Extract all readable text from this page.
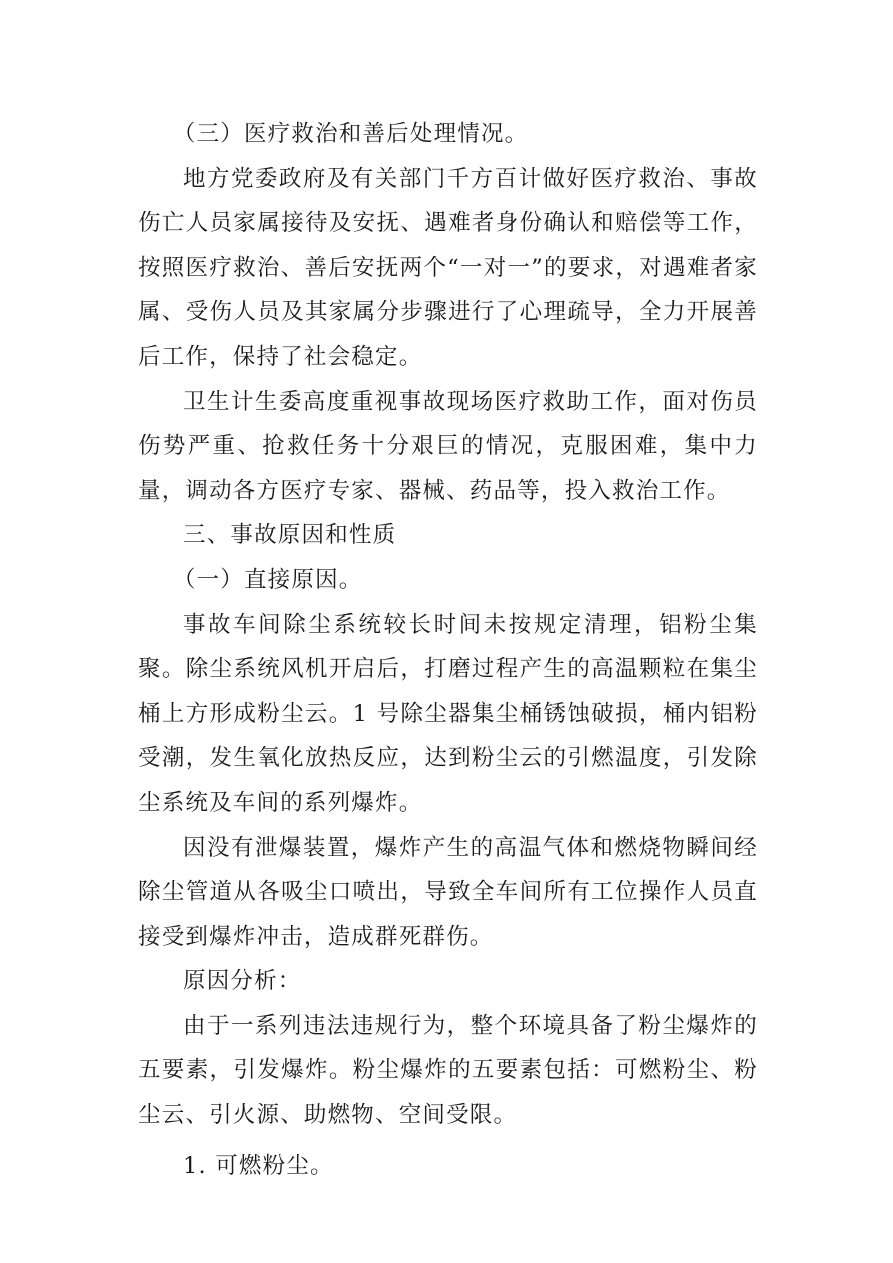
（三）医疗救治和善后处理情况。

地方党委政府及有关部门千方百计做好医疗救治、事故伤亡人员家属接待及安抚、遇难者身份确认和赔偿等工作，按照医疗救治、善后安抚两个“一对一”的要求，对遇难者家属、受伤人员及其家属分步骤进行了心理疏导，全力开展善后工作，保持了社会稳定。

卫生计生委高度重视事故现场医疗救助工作，面对伤员伤势严重、抢救任务十分艰巨的情况，克服困难，集中力量，调动各方医疗专家、器械、药品等，投入救治工作。

三、事故原因和性质

（一）直接原因。

事故车间除尘系统较长时间未按规定清理，铝粉尘集聚。除尘系统风机开启后，打磨过程产生的高温颗粒在集尘桶上方形成粉尘云。1 号除尘器集尘桶锈蚀破损，桶内铝粉受潮，发生氧化放热反应，达到粉尘云的引燃温度，引发除尘系统及车间的系列爆炸。

因没有泄爆装置，爆炸产生的高温气体和燃烧物瞬间经除尘管道从各吸尘口喷出，导致全车间所有工位操作人员直接受到爆炸冲击，造成群死群伤。

原因分析：

由于一系列违法违规行为，整个环境具备了粉尘爆炸的五要素，引发爆炸。粉尘爆炸的五要素包括：可燃粉尘、粉尘云、引火源、助燃物、空间受限。

1. 可燃粉尘。
